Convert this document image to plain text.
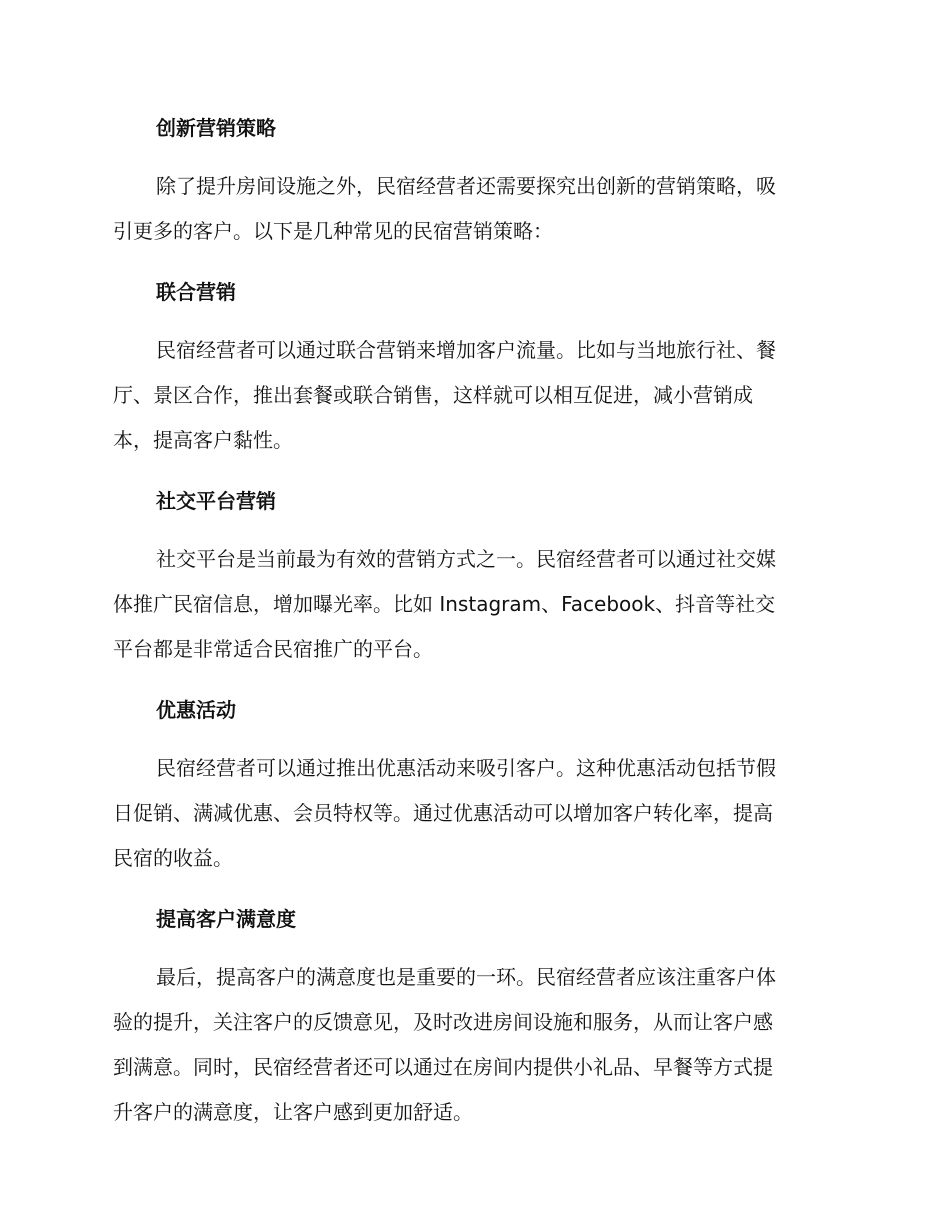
创新营销策略

除了提升房间设施之外，民宿经营者还需要探究出创新的营销策略，吸
引更多的客户。以下是几种常见的民宿营销策略：

联合营销

民宿经营者可以通过联合营销来增加客户流量。比如与当地旅行社、餐
厅、景区合作，推出套餐或联合销售，这样就可以相互促进，减小营销成
本，提高客户黏性。

社交平台营销

社交平台是当前最为有效的营销方式之一。民宿经营者可以通过社交媒
体推广民宿信息，增加曝光率。比如 Instagram、Facebook、抖音等社交
平台都是非常适合民宿推广的平台。

优惠活动

民宿经营者可以通过推出优惠活动来吸引客户。这种优惠活动包括节假
日促销、满减优惠、会员特权等。通过优惠活动可以增加客户转化率，提高
民宿的收益。

提高客户满意度

最后，提高客户的满意度也是重要的一环。民宿经营者应该注重客户体
验的提升，关注客户的反馈意见，及时改进房间设施和服务，从而让客户感
到满意。同时，民宿经营者还可以通过在房间内提供小礼品、早餐等方式提
升客户的满意度，让客户感到更加舒适。
